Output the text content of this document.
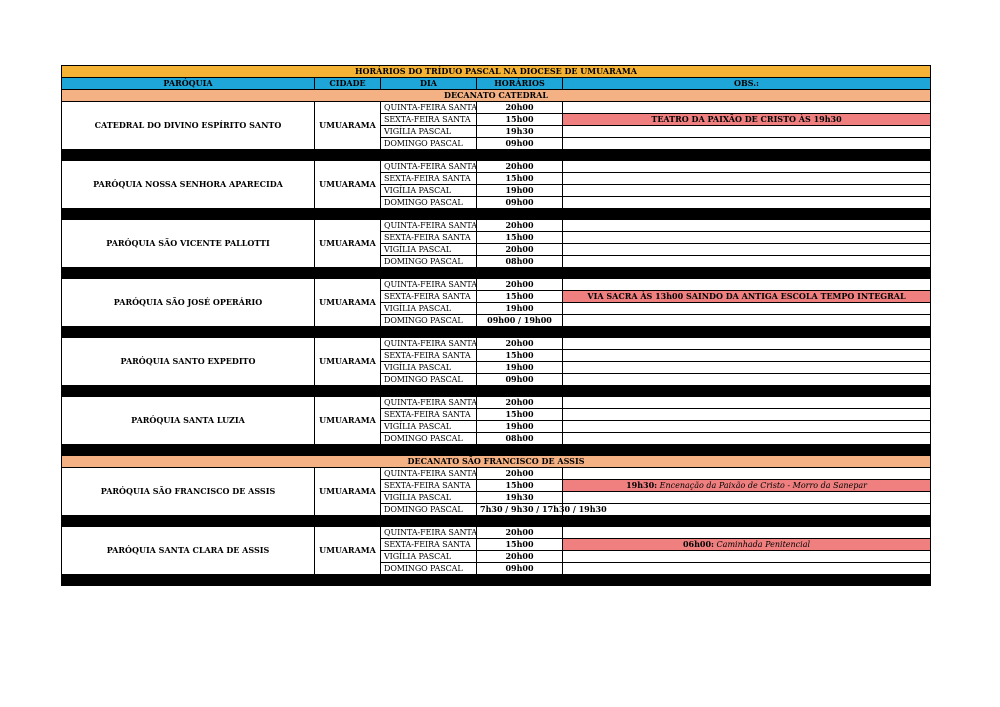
HORÁRIOS DO TRÍDUO PASCAL NA DIOCESE DE UMUARAMA				
PARÓQUIA	CIDADE	DIA	HORÁRIOS	OBS.:
DECANATO CATEDRAL				
CATEDRAL DO DIVINO ESPÍRITO SANTO	UMUARAMA	QUINTA-FEIRA SANTA	20h00	
		SEXTA-FEIRA SANTA	15h00	TEATRO DA PAIXÃO DE CRISTO ÀS 19h30
		VIGÍLIA PASCAL	19h30	
		DOMINGO PASCAL	09h00	

PARÓQUIA NOSSA SENHORA APARECIDA	UMUARAMA	QUINTA-FEIRA SANTA	20h00	
		SEXTA-FEIRA SANTA	15h00	
		VIGÍLIA PASCAL	19h00	
		DOMINGO PASCAL	09h00	

PARÓQUIA SÃO VICENTE PALLOTTI	UMUARAMA	QUINTA-FEIRA SANTA	20h00	
		SEXTA-FEIRA SANTA	15h00	
		VIGÍLIA PASCAL	20h00	
		DOMINGO PASCAL	08h00	

PARÓQUIA SÃO JOSÉ OPERÁRIO	UMUARAMA	QUINTA-FEIRA SANTA	20h00	
		SEXTA-FEIRA SANTA	15h00	VIA SACRA ÀS 13h00 SAINDO DA ANTIGA ESCOLA TEMPO INTEGRAL
		VIGÍLIA PASCAL	19h00	
		DOMINGO PASCAL	09h00 / 19h00	

PARÓQUIA SANTO EXPEDITO	UMUARAMA	QUINTA-FEIRA SANTA	20h00	
		SEXTA-FEIRA SANTA	15h00	
		VIGÍLIA PASCAL	19h00	
		DOMINGO PASCAL	09h00	

PARÓQUIA SANTA LUZIA	UMUARAMA	QUINTA-FEIRA SANTA	20h00	
		SEXTA-FEIRA SANTA	15h00	
		VIGÍLIA PASCAL	19h00	
		DOMINGO PASCAL	08h00	

DECANATO SÃO FRANCISCO DE ASSIS				
PARÓQUIA SÃO FRANCISCO DE ASSIS	UMUARAMA	QUINTA-FEIRA SANTA	20h00	
		SEXTA-FEIRA SANTA	15h00	19h30: Encenação da Paixão de Cristo - Morro da Sanepar
		VIGÍLIA PASCAL	19h30	
		DOMINGO PASCAL	7h30 / 9h30 / 17h30 / 19h30	

PARÓQUIA SANTA CLARA DE ASSIS	UMUARAMA	QUINTA-FEIRA SANTA	20h00	
		SEXTA-FEIRA SANTA	15h00	06h00: Caminhada Penitencial
		VIGÍLIA PASCAL	20h00	
		DOMINGO PASCAL	09h00	
